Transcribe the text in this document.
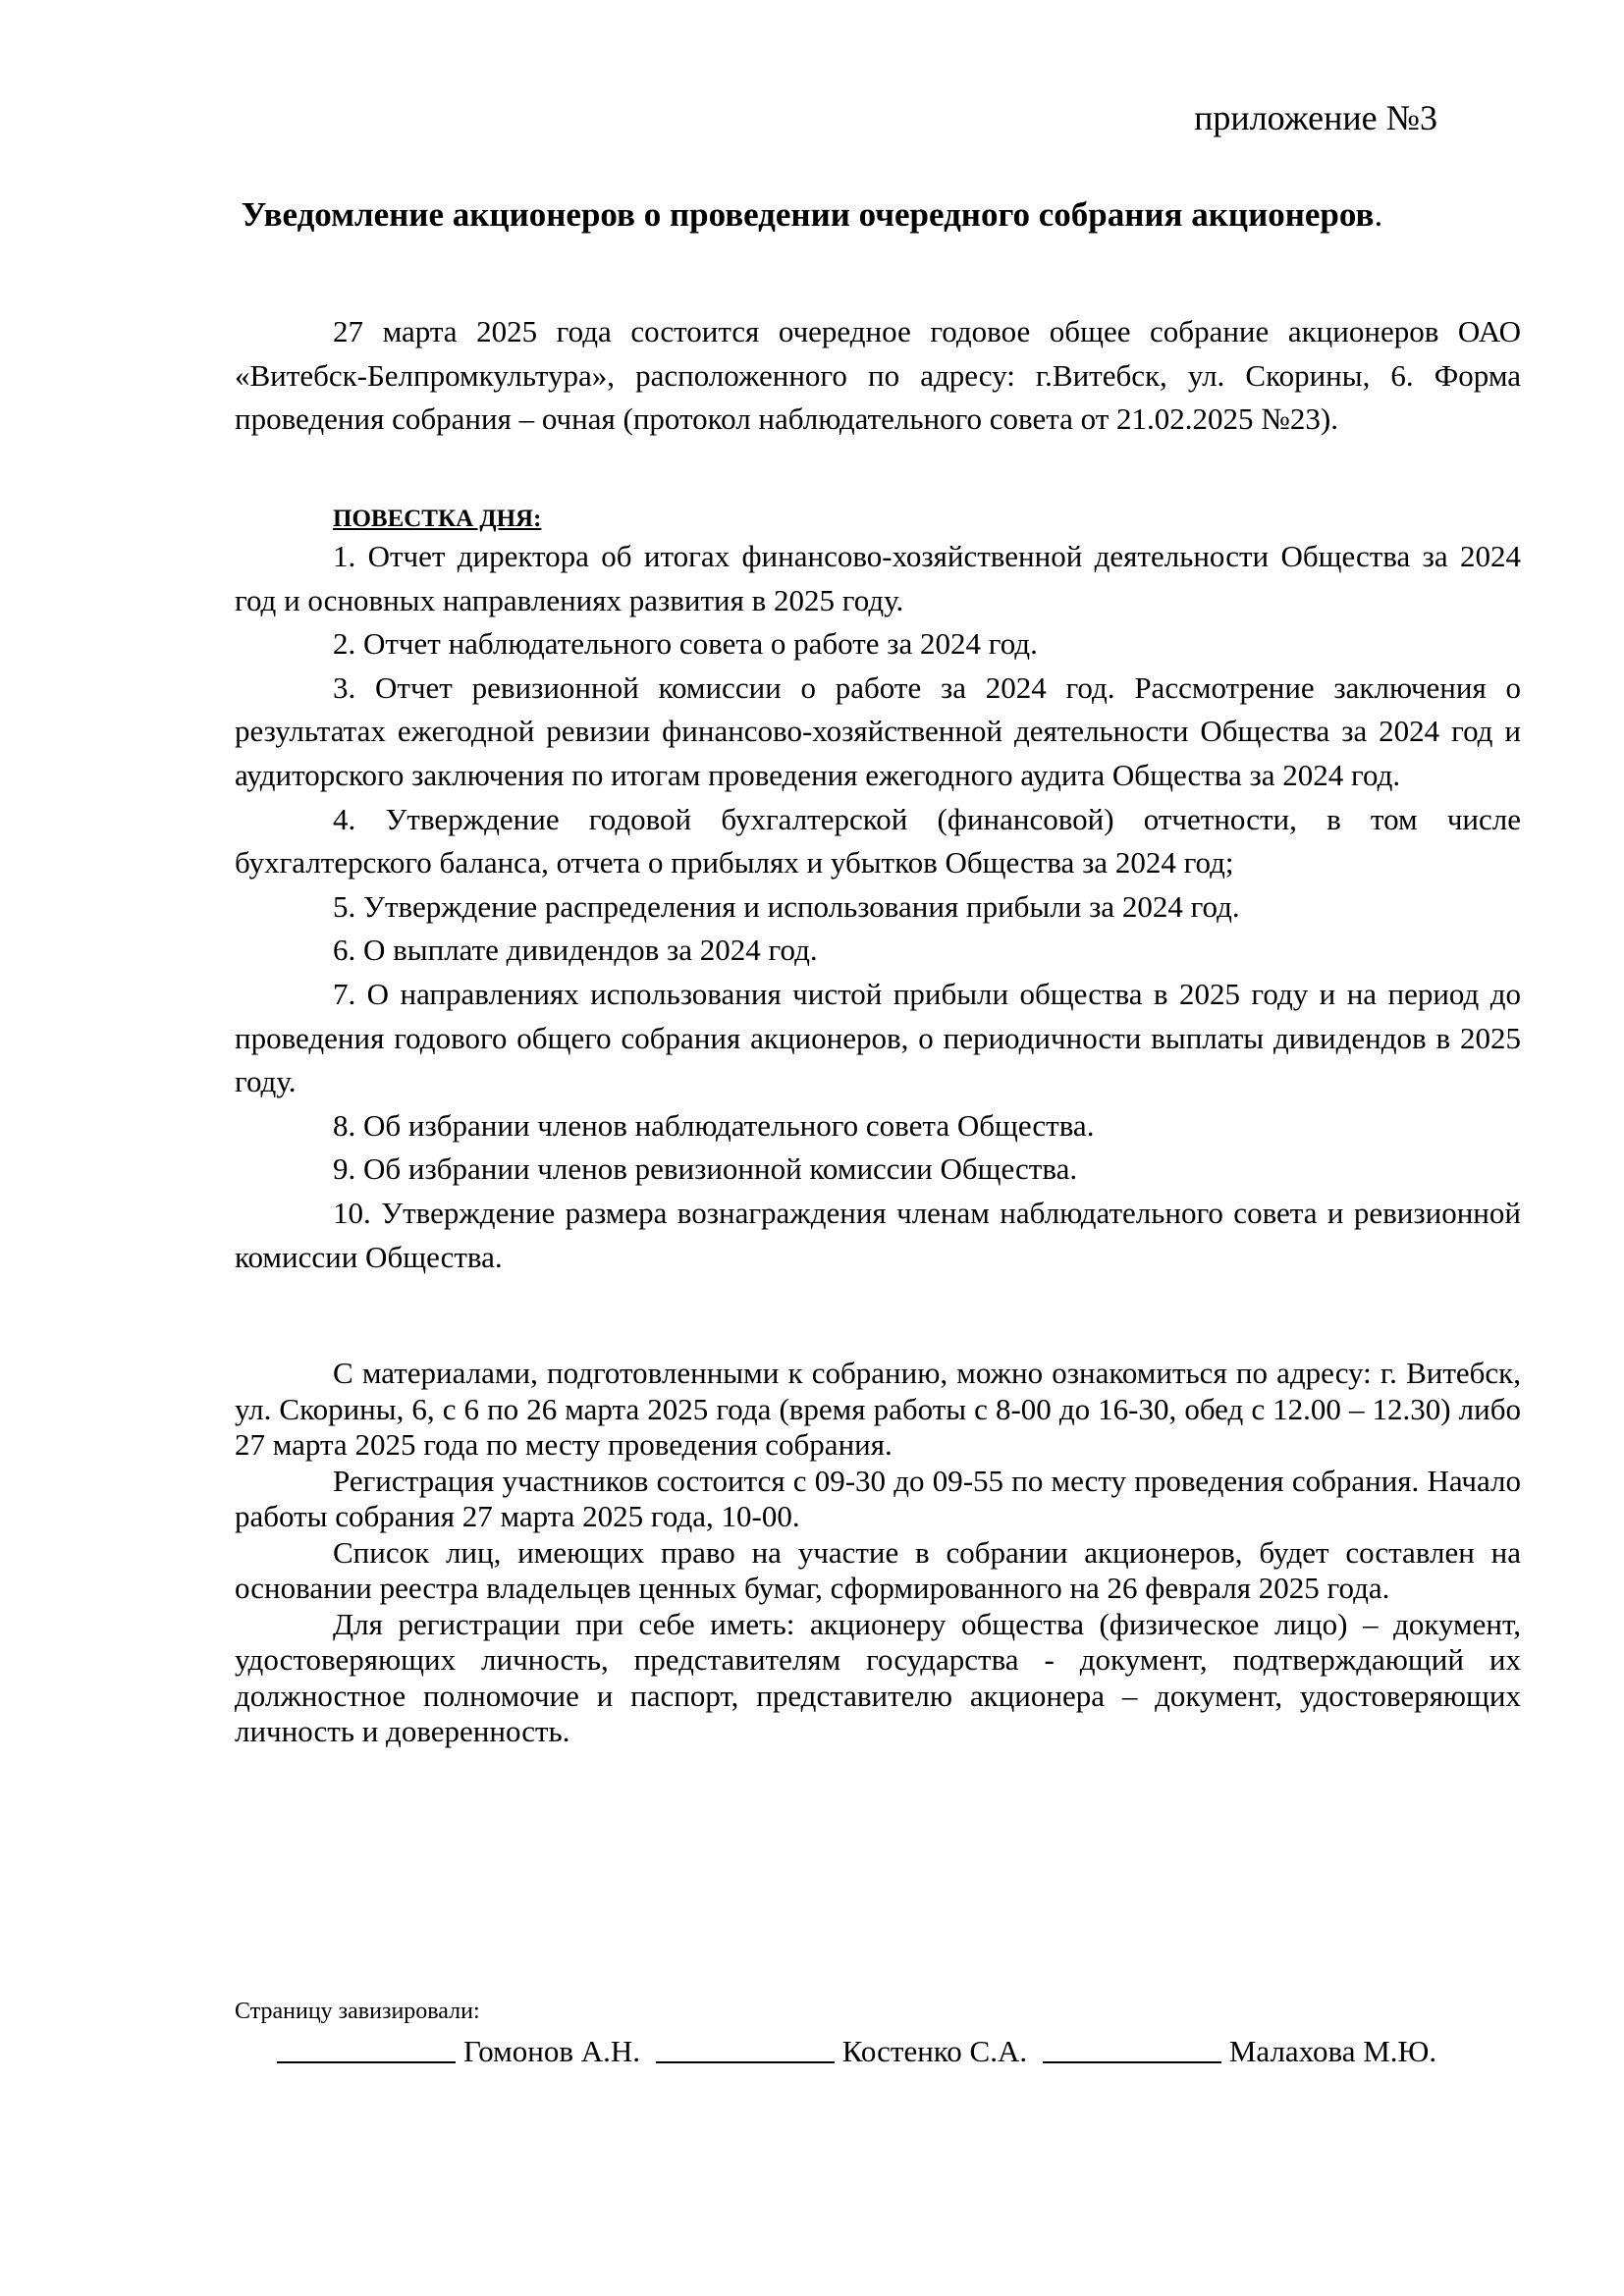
приложение №3
Уведомление акционеров о проведении очередного собрания акционеров.

27 марта 2025 года состоится очередное годовое общее собрание акционеров ОАО «Витебск-Белпромкультура», расположенного по адресу: г.Витебск, ул. Скорины, 6. Форма проведения собрания – очная (протокол наблюдательного совета от 21.02.2025 №23).

ПОВЕСТКА ДНЯ:

1. Отчет директора об итогах финансово-хозяйственной деятельности Общества за 2024 год и основных направлениях развития в 2025 году.

2. Отчет наблюдательного совета о работе за 2024 год.

3. Отчет ревизионной комиссии о работе за 2024 год. Рассмотрение заключения о результатах ежегодной ревизии финансово-хозяйственной деятельности Общества за 2024 год и аудиторского заключения по итогам проведения ежегодного аудита Общества за 2024 год.

4. Утверждение годовой бухгалтерской (финансовой) отчетности, в том числе бухгалтерского баланса, отчета о прибылях и убытков Общества за 2024 год;

5. Утверждение распределения и использования прибыли за 2024 год.

6. О выплате дивидендов за 2024 год.

7. О направлениях использования чистой прибыли общества в 2025 году и на период до проведения годового общего собрания акционеров, о периодичности выплаты дивидендов в 2025 году.

8. Об избрании членов наблюдательного совета Общества.

9. Об избрании членов ревизионной комиссии Общества.

10. Утверждение размера вознаграждения членам наблюдательного совета и ревизионной комиссии Общества.

С материалами, подготовленными к собранию, можно ознакомиться по адресу: г. Витебск, ул. Скорины, 6, с 6 по 26 марта 2025 года (время работы с 8-00 до 16-30, обед с 12.00 – 12.30) либо 27 марта 2025 года по месту проведения собрания.

Регистрация участников состоится с 09-30 до 09-55 по месту проведения собрания. Начало работы собрания 27 марта 2025 года, 10-00.

Список лиц, имеющих право на участие в собрании акционеров, будет составлен на основании реестра владельцев ценных бумаг, сформированного на 26 февраля 2025 года.

Для регистрации при себе иметь: акционеру общества (физическое лицо) – документ, удостоверяющих личность, представителям государства - документ, подтверждающий их должностное полномочие и паспорт, представителю акционера – документ, удостоверяющих личность и доверенность.

Страницу завизировали:
Гомонов А.Н.	Костенко С.А.	Малахова М.Ю.
